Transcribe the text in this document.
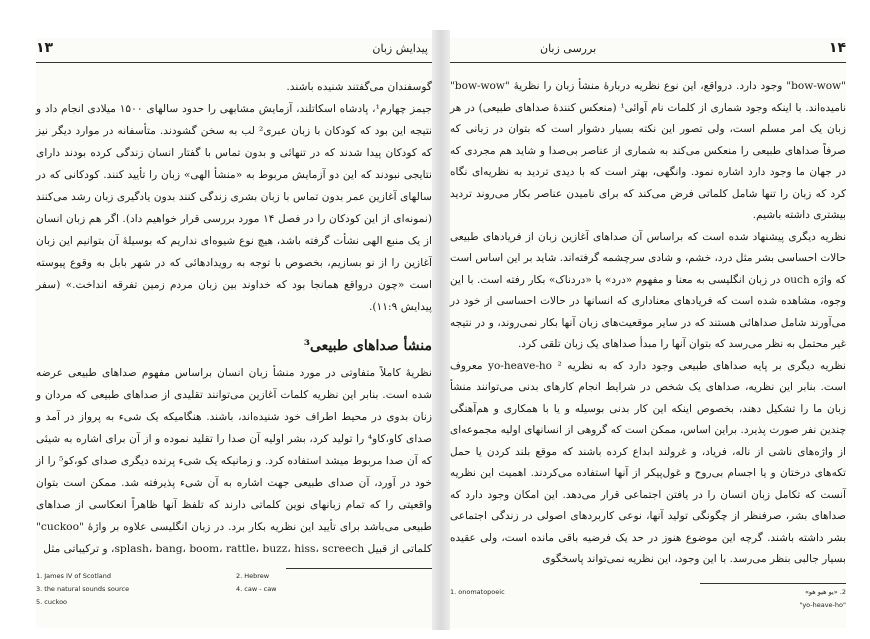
۱۳	پیدایش زبان

گوسفندان می‌گفتند شنیده باشند.

جیمز چهارم¹، پادشاه اسکاتلند، آزمایش مشابهی را حدود سالهای ۱۵۰۰ میلادی انجام داد و نتیجه این بود که کودکان با زبان عبری² لب به سخن گشودند. متأسفانه در موارد دیگر نیز که کودکان پیدا شدند که در تنهائی و بدون تماس با گفتار انسان زندگی کرده بودند دارای نتایجی نبودند که این دو آزمایش مربوط به «منشأ الهی» زبان را تأیید کنند. کودکانی که در سالهای آغازین عمر بدون تماس با زبان بشری زندگی کنند بدون یادگیری زبان رشد می‌کنند (نمونه‌ای از این کودکان را در فصل ۱۴ مورد بررسی قرار خواهیم داد). اگر هم زبان انسان از یک منبع الهی نشأت گرفته باشد، هیچ نوع شیوه‌ای نداریم که بوسیلهٔ آن بتوانیم این زبان آغازین را از نو بسازیم، بخصوص با توجه به رویدادهائی که در شهر بابل به وقوع پیوسته است «چون درواقع همانجا بود که خداوند بین زبان مردم زمین تفرقه انداخت.» (سفر پیدایش ۱۱:۹).

منشأ صداهای طبیعی³

نظریهٔ کاملاً متفاوتی در مورد منشأ زبان انسان براساس مفهوم صداهای طبیعی عرضه شده است. بنابر این نظریه کلمات آغازین می‌توانند تقلیدی از صداهای طبیعی که مردان و زنان بدوی در محیط اطراف خود شنیده‌اند، باشند. هنگامیکه یک شیء به پرواز در آمد و صدای کاو،کاو⁴ را تولید کرد، بشر اولیه آن صدا را تقلید نموده و از آن برای اشاره به شیئی که آن صدا مربوط میشد استفاده کرد. و زمانیکه یک شیء پرنده دیگری صدای کو،کو⁵ را از خود در آورد، آن صدای طبیعی جهت اشاره به آن شیء پذیرفته شد. ممکن است بتوان واقعیتی را که تمام زبانهای نوین کلماتی دارند که تلفظ آنها ظاهراً انعکاسی از صداهای طبیعی می‌باشد برای تأیید این نظریه بکار برد. در زبان انگلیسی علاوه بر واژهٔ "cuckoo" کلماتی از قبیل splash، bang، boom، rattle، buzz، hiss، screech، و ترکیباتی مثل

1. James IV of Scotland
3. the natural sounds source
5. cuckoo
2. Hebrew
4. caw - caw
بررسی زبان	۱۴

"bow-wow" وجود دارد. درواقع، این نوع نظریه دربارهٔ منشأ زبان را نظریهٔ "bow-wow" نامیده‌اند. با اینکه وجود شماری از کلمات نام آوائی¹ (منعکس کنندهٔ صداهای طبیعی) در هر زبان یک امر مسلم است، ولی تصور این نکته بسیار دشوار است که بتوان در زبانی که صرفاً صداهای طبیعی را منعکس می‌کند به شماری از عناصر بی‌صدا و شاید هم مجردی که در جهان ما وجود دارد اشاره نمود. وانگهی، بهتر است که با دیدی تردید به نظریه‌ای نگاه کرد که زبان را تنها شامل کلماتی فرض می‌کند که برای نامیدن عناصر بکار می‌روند تردید بیشتری داشته باشیم.

نظریه دیگری پیشنهاد شده است که براساس آن صداهای آغازین زبان از فریادهای طبیعی حالات احساسی بشر مثل درد، خشم، و شادی سرچشمه گرفته‌اند. شاید بر این اساس است که واژه ouch در زبان انگلیسی به معنا و مفهوم «درد» یا «دردناک» بکار رفته است. با این وجوه، مشاهده شده است که فریادهای معناداری که انسانها در حالات احساسی از خود در می‌آورند شامل صداهائی هستند که در سایر موقعیت‌های زبان آنها بکار نمی‌روند، و در نتیجه غیر محتمل به نظر می‌رسد که بتوان آنها را مبدأ صداهای یک زبان تلقی کرد.

نظریه دیگری بر پایه صداهای طبیعی وجود دارد که به نظریه ² yo-heave-ho معروف است. بنابر این نظریه، صداهای یک شخص در شرایط انجام کارهای بدنی می‌توانند منشأ زبان ما را تشکیل دهند، بخصوص اینکه این کار بدنی بوسیله و یا با همکاری و هم‌آهنگی چندین نفر صورت پذیرد. براین اساس، ممکن است که گروهی از انسانهای اولیه مجموعه‌ای از واژه‌های ناشی از ناله، فریاد، و غرولند ابداع کرده باشند که موقع بلند کردن یا حمل تکه‌های درختان و یا اجسام بی‌روح و غول‌پیکر از آنها استفاده می‌کردند. اهمیت این نظریه آنست که تکامل زبان انسان را در یافتن اجتماعی قرار می‌دهد. این امکان وجود دارد که صداهای بشر، صرفنظر از چگونگی تولید آنها، نوعی کاربردهای اصولی در زندگی اجتماعی بشر داشته باشند. گرچه این موضوع هنوز در حد یک فرضیه باقی مانده است، ولی عقیده بسیار جالبی بنظر می‌رسد. با این وجود، این نظریه نمی‌تواند پاسخگوی

2. «یو هیو هو»
"yo-heave-ho"
1. onomatopoeic
